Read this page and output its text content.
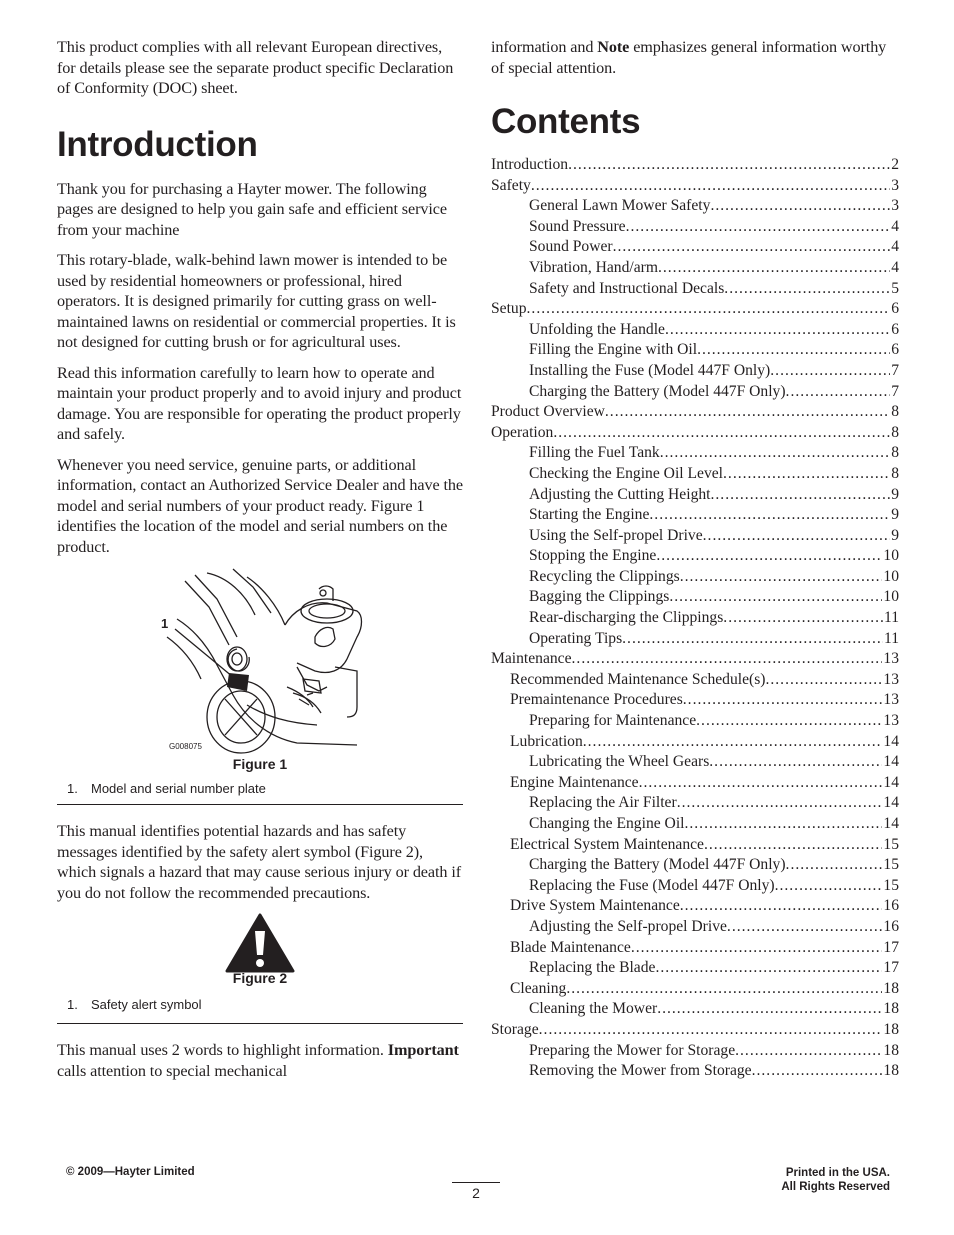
This product complies with all relevant European directives, for details please see the separate product specific Declaration of Conformity (DOC) sheet.

Introduction

Thank you for purchasing a Hayter mower. The following pages are designed to help you gain safe and efficient service from your machine

This rotary-blade, walk-behind lawn mower is intended to be used by residential homeowners or professional, hired operators. It is designed primarily for cutting grass on well-maintained lawns on residential or commercial properties. It is not designed for cutting brush or for agricultural uses.

Read this information carefully to learn how to operate and maintain your product properly and to avoid injury and product damage. You are responsible for operating the product properly and safely.

Whenever you need service, genuine parts, or additional information, contact an Authorized Service Dealer and have the model and serial numbers of your product ready. Figure 1 identifies the location of the model and serial numbers on the product.

1
G008075

Figure 1

1. Model and serial number plate

This manual identifies potential hazards and has safety messages identified by the safety alert symbol (Figure 2), which signals a hazard that may cause serious injury or death if you do not follow the recommended precautions.

Figure 2

1. Safety alert symbol

This manual uses 2 words to highlight information. Important calls attention to special mechanical

information and Note emphasizes general information worthy of special attention.

Contents
Introduction .....	2
Safety .....	3
General Lawn Mower Safety .....	3
Sound Pressure .....	4
Sound Power .....	4
Vibration, Hand/arm .....	4
Safety and Instructional Decals .....	5
Setup .....	6
Unfolding the Handle .....	6
Filling the Engine with Oil .....	6
Installing the Fuse (Model 447F Only) .....	7
Charging the Battery (Model 447F Only) .....	7
Product Overview .....	8
Operation .....	8
Filling the Fuel Tank .....	8
Checking the Engine Oil Level .....	8
Adjusting the Cutting Height .....	9
Starting the Engine .....	9
Using the Self-propel Drive .....	9
Stopping the Engine .....	10
Recycling the Clippings .....	10
Bagging the Clippings .....	10
Rear-discharging the Clippings .....	11
Operating Tips .....	11
Maintenance .....	13
Recommended Maintenance Schedule(s) .....	13
Premaintenance Procedures .....	13
Preparing for Maintenance .....	13
Lubrication .....	14
Lubricating the Wheel Gears .....	14
Engine Maintenance .....	14
Replacing the Air Filter .....	14
Changing the Engine Oil .....	14
Electrical System Maintenance .....	15
Charging the Battery (Model 447F Only) .....	15
Replacing the Fuse (Model 447F Only) .....	15
Drive System Maintenance .....	16
Adjusting the Self-propel Drive .....	16
Blade Maintenance .....	17
Replacing the Blade .....	17
Cleaning .....	18
Cleaning the Mower .....	18
Storage .....	18
Preparing the Mower for Storage .....	18
Removing the Mower from Storage .....	18
© 2009—Hayter Limited
2
Printed in the USA.
All Rights Reserved
